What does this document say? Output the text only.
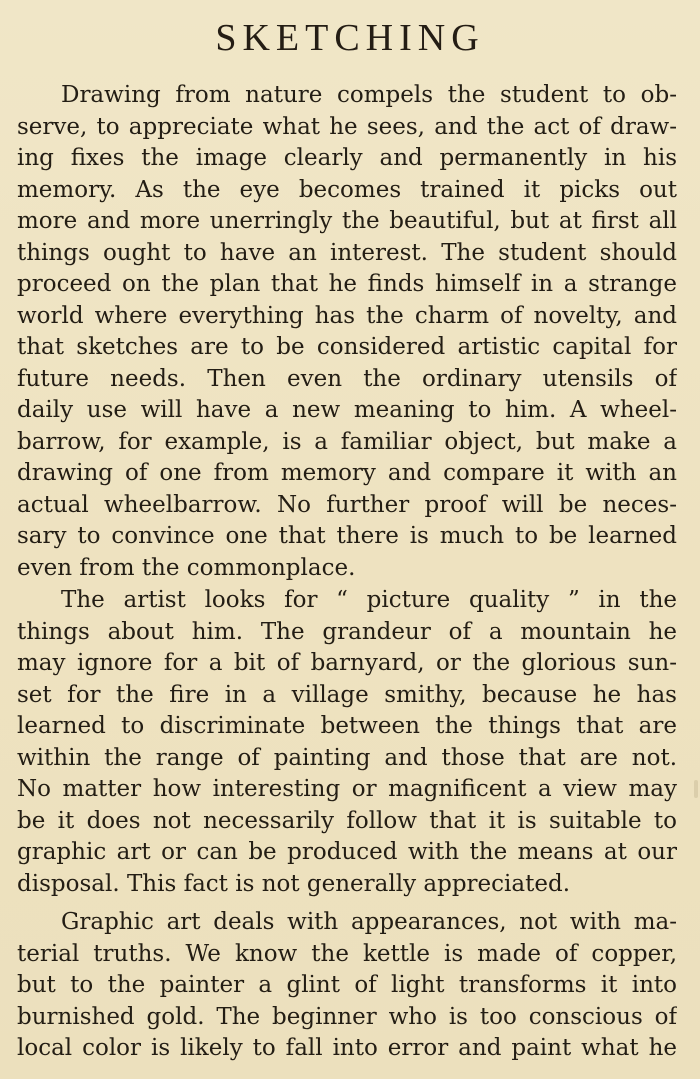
SKETCHING
Drawing from nature compels the student to ob-
serve, to appreciate what he sees, and the act of draw-
ing fixes the image clearly and permanently in his
memory. As the eye becomes trained it picks out
more and more unerringly the beautiful, but at first all
things ought to have an interest. The student should
proceed on the plan that he finds himself in a strange
world where everything has the charm of novelty, and
that sketches are to be considered artistic capital for
future needs. Then even the ordinary utensils of
daily use will have a new meaning to him. A wheel-
barrow, for example, is a familiar object, but make a
drawing of one from memory and compare it with an
actual wheelbarrow. No further proof will be neces-
sary to convince one that there is much to be learned
even from the commonplace.
The artist looks for “ picture quality ” in the
things about him. The grandeur of a mountain he
may ignore for a bit of barnyard, or the glorious sun-
set for the fire in a village smithy, because he has
learned to discriminate between the things that are
within the range of painting and those that are not.
No matter how interesting or magnificent a view may
be it does not necessarily follow that it is suitable to
graphic art or can be produced with the means at our
disposal. This fact is not generally appreciated.
Graphic art deals with appearances, not with ma-
terial truths. We know the kettle is made of copper,
but to the painter a glint of light transforms it into
burnished gold. The beginner who is too conscious of
local color is likely to fall into error and paint what he
